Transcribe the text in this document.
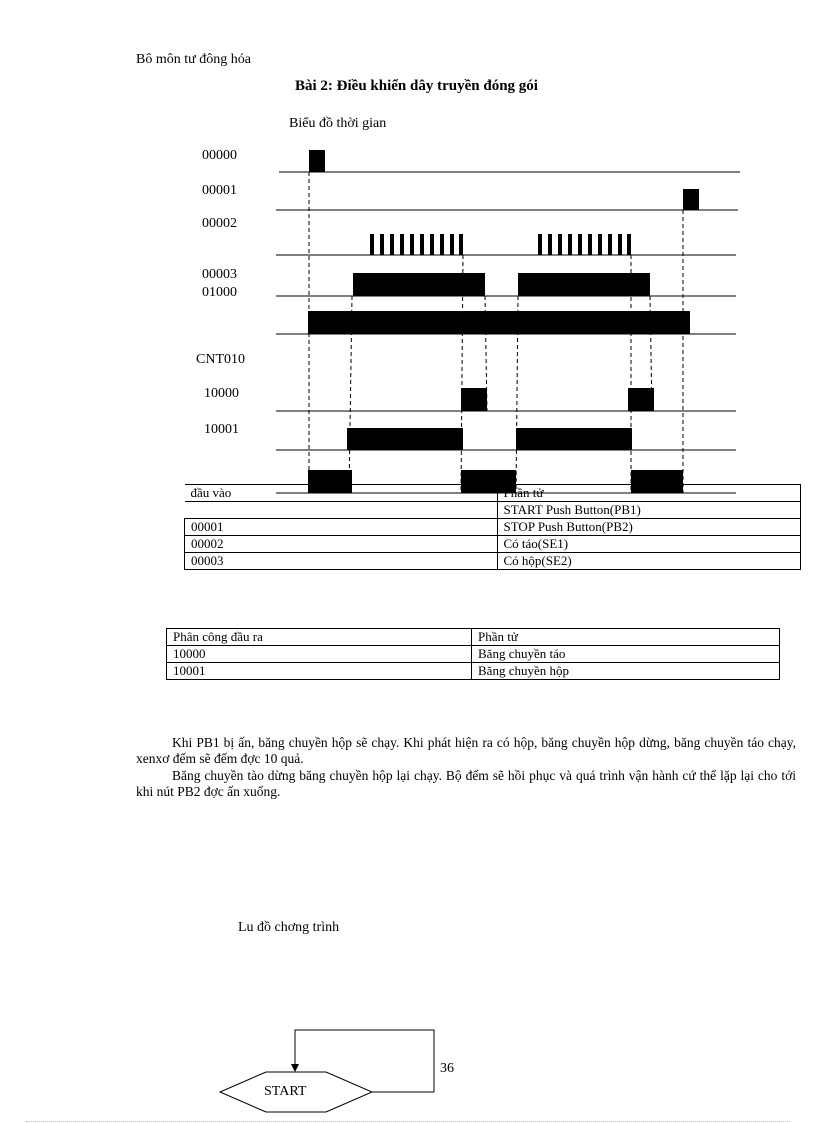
Bô môn tư đông hóa
Bài 2: Điều khiển dây truyền đóng gói
Biểu đồ thời gian
00000
00001
00002
00003
01000
CNT010
10000
10001
đầu vào	Phần tử
	START Push Button(PB1)
00001	STOP Push Button(PB2)
00002	Có táo(SE1)
00003	Có hộp(SE2)
Phân công đầu ra	Phần tử
10000	Băng chuyền táo
10001	Băng chuyền hộp
Khi PB1 bị ấn, băng chuyền hộp sẽ chạy. Khi phát hiện ra có hộp, băng chuyền hộp dừng, băng chuyền táo chạy, xenxơ đếm sẽ đếm đợc 10 quả.
Băng chuyền tào dừng băng chuyền hộp lại chạy. Bộ đếm sẽ hồi phục và quá trình vận hành cứ thế lặp lại cho tới khi nút PB2 đợc ấn xuống.
Lu đồ chơng trình
START
36
